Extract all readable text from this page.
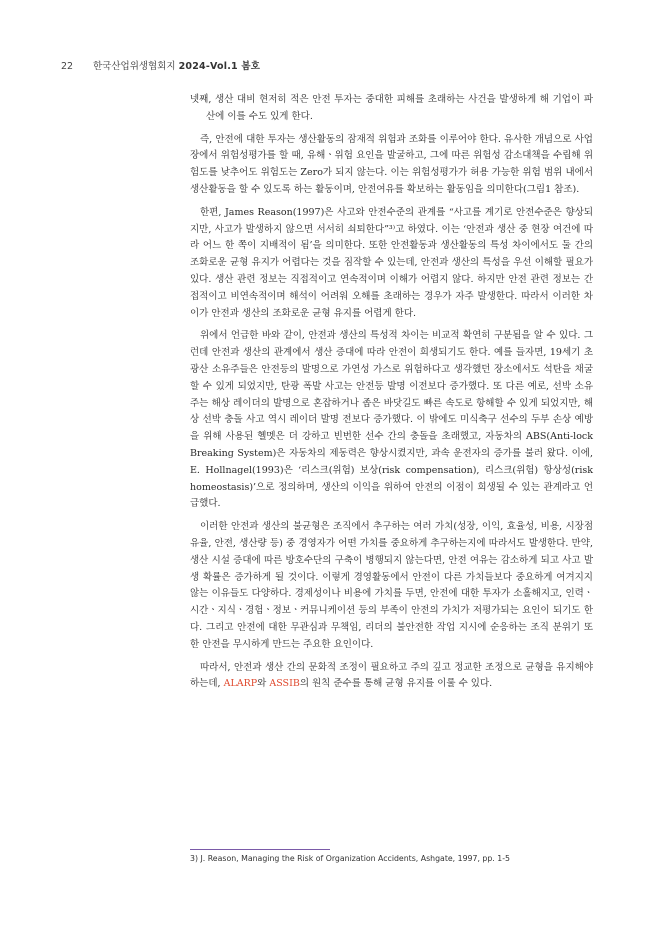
22 한국산업위생협회지 2024-Vol.1 봄호

넷째, 생산 대비 현저히 적은 안전 투자는 중대한 피해를 초래하는 사건을 발생하게 해 기업이 파산에 이를 수도 있게 한다.

즉, 안전에 대한 투자는 생산활동의 잠재적 위험과 조화를 이루어야 한다. 유사한 개념으로 사업장에서 위험성평가를 할 때, 유해ㆍ위험 요인을 발굴하고, 그에 따른 위험성 감소대책을 수립해 위험도를 낮추어도 위험도는 Zero가 되지 않는다. 이는 위험성평가가 허용 가능한 위험 범위 내에서 생산활동을 할 수 있도록 하는 활동이며, 안전여유를 확보하는 활동임을 의미한다(그림1 참조).

한편, James Reason(1997)은 사고와 안전수준의 관계를 “사고를 계기로 안전수준은 향상되지만, 사고가 발생하지 않으면 서서히 쇠퇴한다”³⁾고 하였다. 이는 ‘안전과 생산 중 현장 여건에 따라 어느 한 쪽이 지배적이 됨’을 의미한다. 또한 안전활동과 생산활동의 특성 차이에서도 둘 간의 조화로운 균형 유지가 어렵다는 것을 짐작할 수 있는데, 안전과 생산의 특성을 우선 이해할 필요가 있다. 생산 관련 정보는 직접적이고 연속적이며 이해가 어렵지 않다. 하지만 안전 관련 정보는 간접적이고 비연속적이며 해석이 어려워 오해를 초래하는 경우가 자주 발생한다. 따라서 이러한 차이가 안전과 생산의 조화로운 균형 유지를 어렵게 한다.

위에서 언급한 바와 같이, 안전과 생산의 특성적 차이는 비교적 확연히 구분됨을 알 수 있다. 그런데 안전과 생산의 관계에서 생산 증대에 따라 안전이 희생되기도 한다. 예를 들자면, 19세기 초 광산 소유주들은 안전등의 발명으로 가연성 가스로 위험하다고 생각했던 장소에서도 석탄을 채굴할 수 있게 되었지만, 탄광 폭발 사고는 안전등 발명 이전보다 증가했다. 또 다른 예로, 선박 소유주는 해상 레이더의 발명으로 혼잡하거나 좁은 바닷길도 빠른 속도로 항해할 수 있게 되었지만, 해상 선박 충돌 사고 역시 레이더 발명 전보다 증가했다. 이 밖에도 미식축구 선수의 두부 손상 예방을 위해 사용된 헬멧은 더 강하고 빈번한 선수 간의 충돌을 초래했고, 자동차의 ABS(Anti-lock Breaking System)은 자동차의 제동력은 향상시켰지만, 과속 운전자의 증가를 불러 왔다. 이에, E. Hollnagel(1993)은 ‘리스크(위험) 보상(risk compensation), 리스크(위험) 항상성(risk homeostasis)’으로 정의하며, 생산의 이익을 위하여 안전의 이점이 희생될 수 있는 관계라고 언급했다.

이러한 안전과 생산의 불균형은 조직에서 추구하는 여러 가치(성장, 이익, 효율성, 비용, 시장점유율, 안전, 생산량 등) 중 경영자가 어떤 가치를 중요하게 추구하는지에 따라서도 발생한다. 만약, 생산 시설 증대에 따른 방호수단의 구축이 병행되지 않는다면, 안전 여유는 감소하게 되고 사고 발생 확률은 증가하게 될 것이다. 이렇게 경영활동에서 안전이 다른 가치들보다 중요하게 여겨지지 않는 이유들도 다양하다. 경제성이나 비용에 가치를 두면, 안전에 대한 투자가 소홀해지고, 인력ㆍ시간ㆍ지식ㆍ경험ㆍ정보ㆍ커뮤니케이션 등의 부족이 안전의 가치가 저평가되는 요인이 되기도 한다. 그리고 안전에 대한 무관심과 무책임, 리더의 불안전한 작업 지시에 순응하는 조직 분위기 또한 안전을 무시하게 만드는 주요한 요인이다.

따라서, 안전과 생산 간의 문화적 조정이 필요하고 주의 깊고 정교한 조정으로 균형을 유지해야 하는데, ALARP와 ASSIB의 원칙 준수를 통해 균형 유지를 이룰 수 있다.

3) J. Reason, Managing the Risk of Organization Accidents, Ashgate, 1997, pp. 1-5
